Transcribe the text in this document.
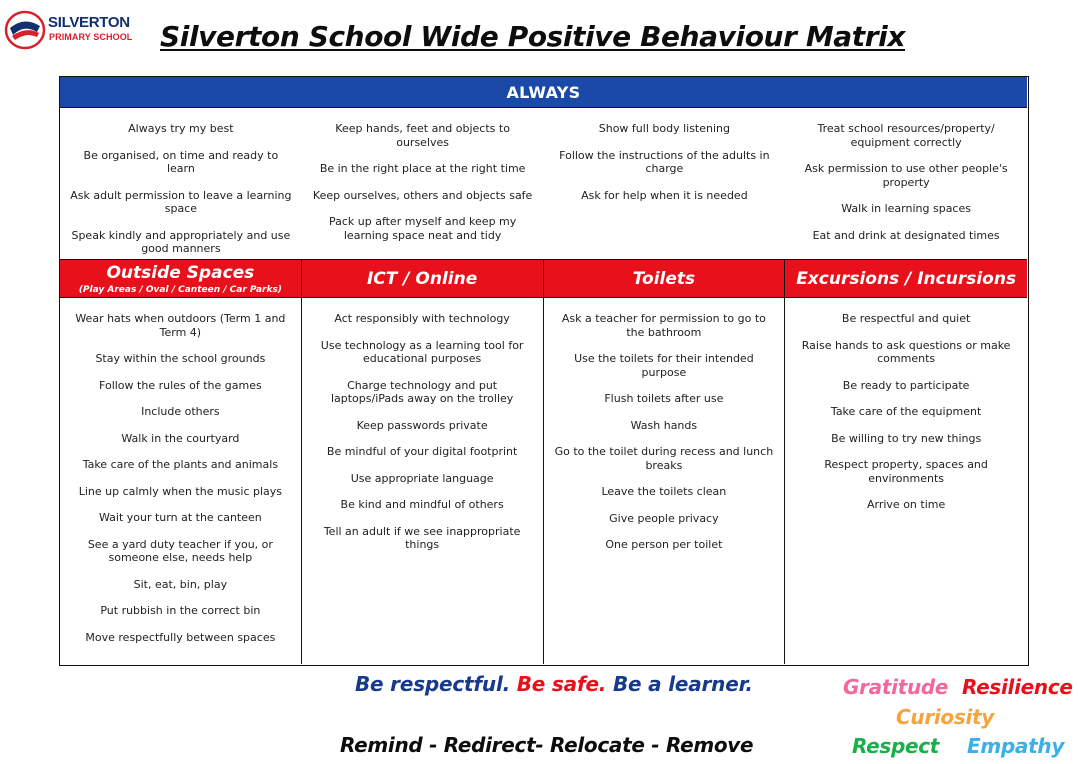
SILVERTON
PRIMARY SCHOOL Silverton School Wide Positive Behaviour Matrix
ALWAYS

Always try my best

Be organised, on time and ready to learn

Ask adult permission to leave a learning space

Speak kindly and appropriately and use good manners

Keep hands, feet and objects to ourselves

Be in the right place at the right time

Keep ourselves, others and objects safe

Pack up after myself and keep my learning space neat and tidy

Show full body listening

Follow the instructions of the adults in charge

Ask for help when it is needed

Treat school resources/property/ equipment correctly

Ask permission to use other people's property

Walk in learning spaces

Eat and drink at designated times

Outside Spaces
(Play Areas / Oval / Canteen / Car Parks)
ICT / Online	Toilets	Excursions / Incursions

Wear hats when outdoors (Term 1 and Term 4)

Stay within the school grounds

Follow the rules of the games

Include others

Walk in the courtyard

Take care of the plants and animals

Line up calmly when the music plays

Wait your turn at the canteen

See a yard duty teacher if you, or someone else, needs help

Sit, eat, bin, play

Put rubbish in the correct bin

Move respectfully between spaces

Act responsibly with technology

Use technology as a learning tool for educational purposes

Charge technology and put laptops/iPads away on the trolley

Keep passwords private

Be mindful of your digital footprint

Use appropriate language

Be kind and mindful of others

Tell an adult if we see inappropriate things

Ask a teacher for permission to go to the bathroom

Use the toilets for their intended purpose

Flush toilets after use

Wash hands

Go to the toilet during recess and lunch breaks

Leave the toilets clean

Give people privacy

One person per toilet

Be respectful and quiet

Raise hands to ask questions or make comments

Be ready to participate

Take care of the equipment

Be willing to try new things

Respect property, spaces and environments

Arrive on time

Be respectful. Be safe. Be a learner.
Remind - Redirect- Relocate - Remove
Gratitude Resilience
Curiosity
Respect Empathy
